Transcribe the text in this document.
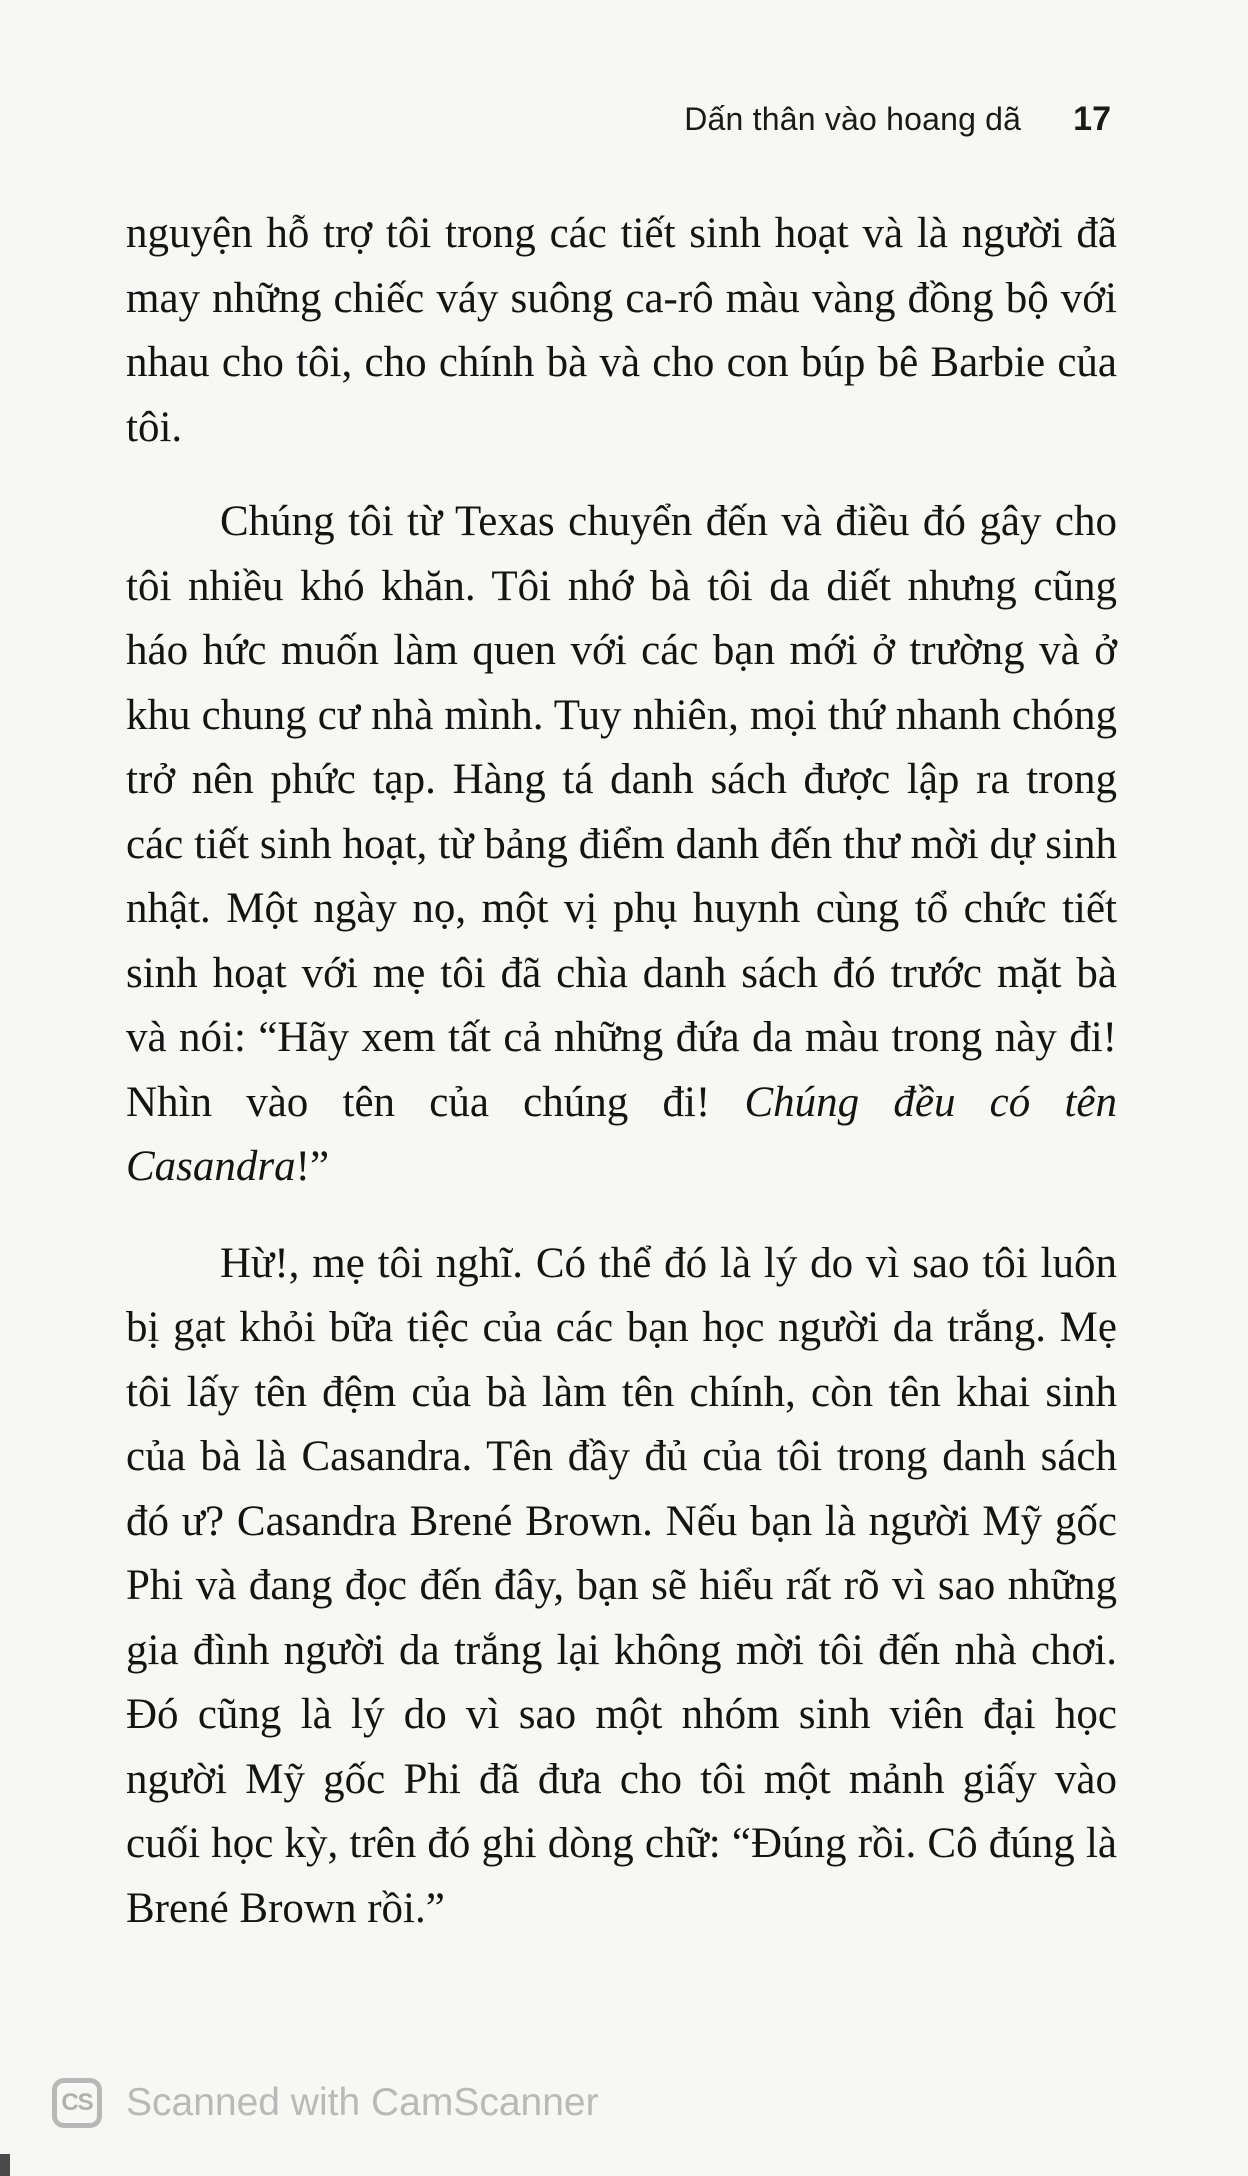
Dấn thân vào hoang dã 17

nguyện hỗ trợ tôi trong các tiết sinh hoạt và là người đã may những chiếc váy suông ca-rô màu vàng đồng bộ với nhau cho tôi, cho chính bà và cho con búp bê Barbie của tôi.

Chúng tôi từ Texas chuyển đến và điều đó gây cho tôi nhiều khó khăn. Tôi nhớ bà tôi da diết nhưng cũng háo hức muốn làm quen với các bạn mới ở trường và ở khu chung cư nhà mình. Tuy nhiên, mọi thứ nhanh chóng trở nên phức tạp. Hàng tá danh sách được lập ra trong các tiết sinh hoạt, từ bảng điểm danh đến thư mời dự sinh nhật. Một ngày nọ, một vị phụ huynh cùng tổ chức tiết sinh hoạt với mẹ tôi đã chìa danh sách đó trước mặt bà và nói: “Hãy xem tất cả những đứa da màu trong này đi! Nhìn vào tên của chúng đi! Chúng đều có tên Casandra!”

Hừ!, mẹ tôi nghĩ. Có thể đó là lý do vì sao tôi luôn bị gạt khỏi bữa tiệc của các bạn học người da trắng. Mẹ tôi lấy tên đệm của bà làm tên chính, còn tên khai sinh của bà là Casandra. Tên đầy đủ của tôi trong danh sách đó ư? Casandra Brené Brown. Nếu bạn là người Mỹ gốc Phi và đang đọc đến đây, bạn sẽ hiểu rất rõ vì sao những gia đình người da trắng lại không mời tôi đến nhà chơi. Đó cũng là lý do vì sao một nhóm sinh viên đại học người Mỹ gốc Phi đã đưa cho tôi một mảnh giấy vào cuối học kỳ, trên đó ghi dòng chữ: “Đúng rồi. Cô đúng là Brené Brown rồi.”

CS Scanned with CamScanner
